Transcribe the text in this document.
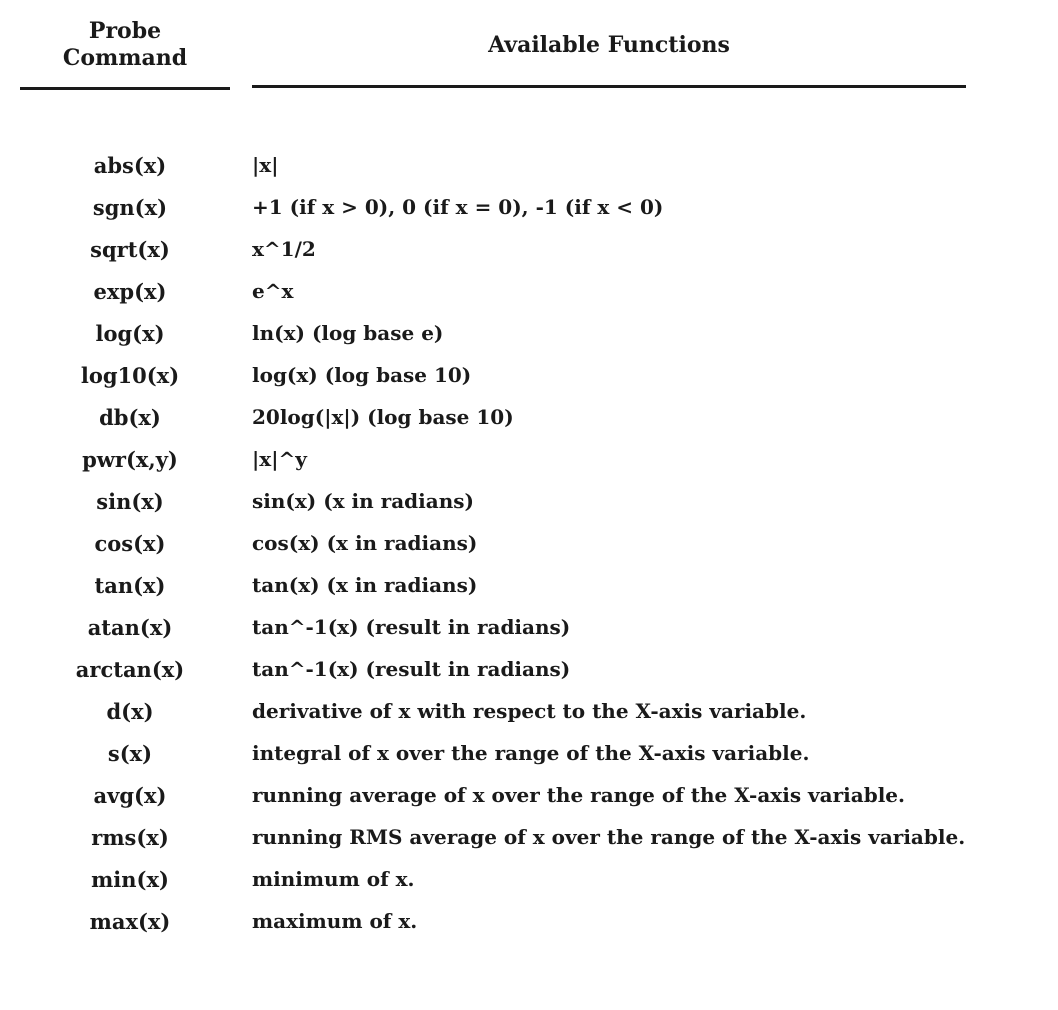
Probe
Command	Available Functions
abs(x)	|x|
sgn(x)	+1 (if x > 0), 0 (if x = 0), -1 (if x < 0)
sqrt(x)	x^1/2
exp(x)	e^x
log(x)	ln(x) (log base e)
log10(x)	log(x) (log base 10)
db(x)	20log(|x|) (log base 10)
pwr(x,y)	|x|^y
sin(x)	sin(x) (x in radians)
cos(x)	cos(x) (x in radians)
tan(x)	tan(x) (x in radians)
atan(x)	tan^-1(x) (result in radians)
arctan(x)	tan^-1(x) (result in radians)
d(x)	derivative of x with respect to the X-axis variable.
s(x)	integral of x over the range of the X-axis variable.
avg(x)	running average of x over the range of the X-axis variable.
rms(x)	running RMS average of x over the range of the X-axis variable.
min(x)	minimum of x.
max(x)	maximum of x.
